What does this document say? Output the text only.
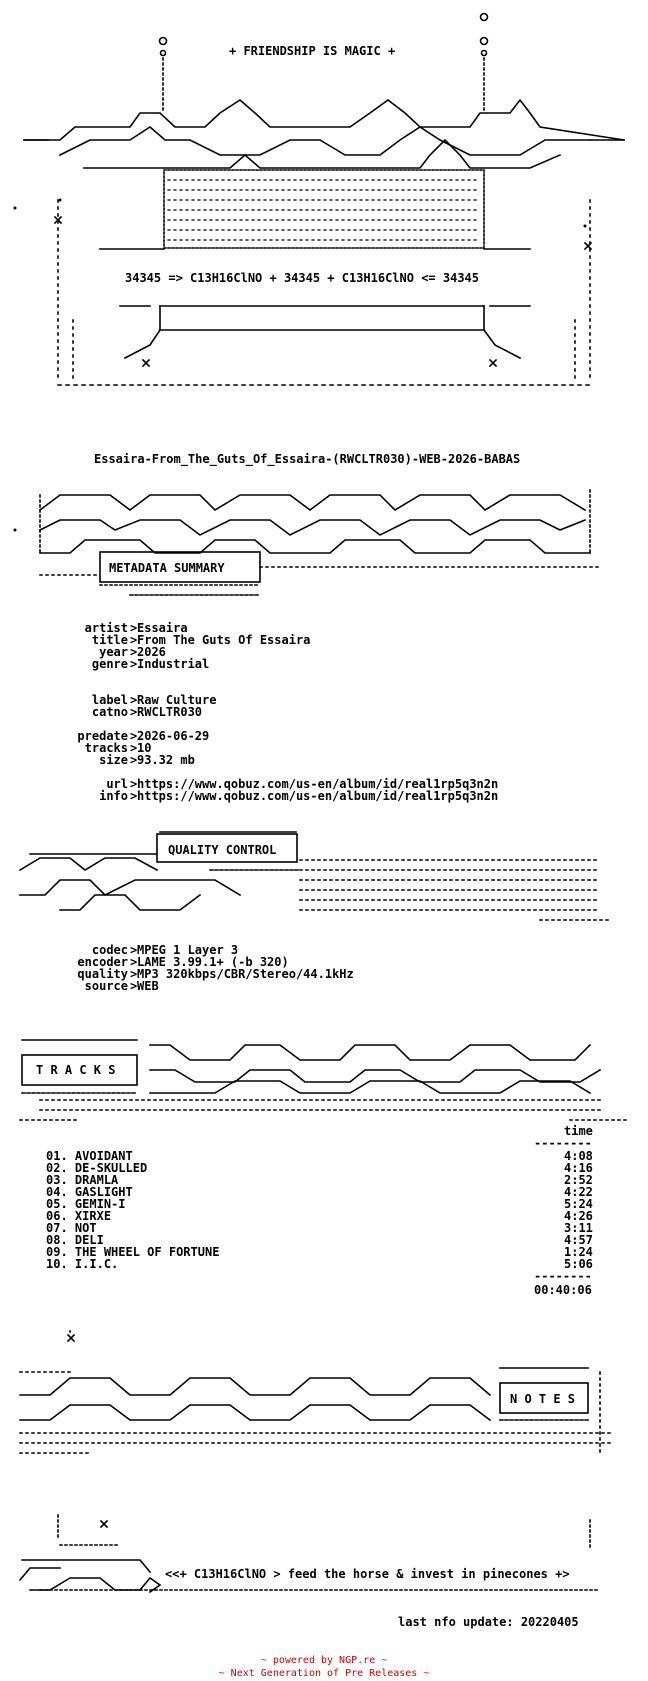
+ FRIENDSHIP IS MAGIC +
34345 => C13H16ClNO + 34345 + C13H16ClNO <= 34345
Essaira-From_The_Guts_Of_Essaira-(RWCLTR030)-WEB-2026-BABAS
METADATA SUMMARY
artist > Essaira
title > From The Guts Of Essaira
year > 2026
genre > Industrial
label > Raw Culture
catno > RWCLTR030
predate > 2026-06-29
tracks > 10
size > 93.32 mb
url > https://www.qobuz.com/us-en/album/id/real1rp5q3n2n
info > https://www.qobuz.com/us-en/album/id/real1rp5q3n2n
QUALITY CONTROL
codec > MPEG 1 Layer 3
encoder > LAME 3.99.1+ (-b 320)
quality > MP3 320kbps/CBR/Stereo/44.1kHz
source > WEB
T R A C K S
time
--------
01. AVOIDANT
02. DE-SKULLED
03. DRAMLA
04. GASLIGHT
05. GEMIN-I
06. XIRXE
07. NOT
08. DELI
09. THE WHEEL OF FORTUNE
10. I.I.C.
4:08
4:16
2:52
4:22
5:24
4:26
3:11
4:57
1:24
5:06
--------
00:40:06
N O T E S
<<+ C13H16ClNO > feed the horse & invest in pinecones +>
last nfo update: 20220405
~ powered by NGP.re ~
~ Next Generation of Pre Releases ~
